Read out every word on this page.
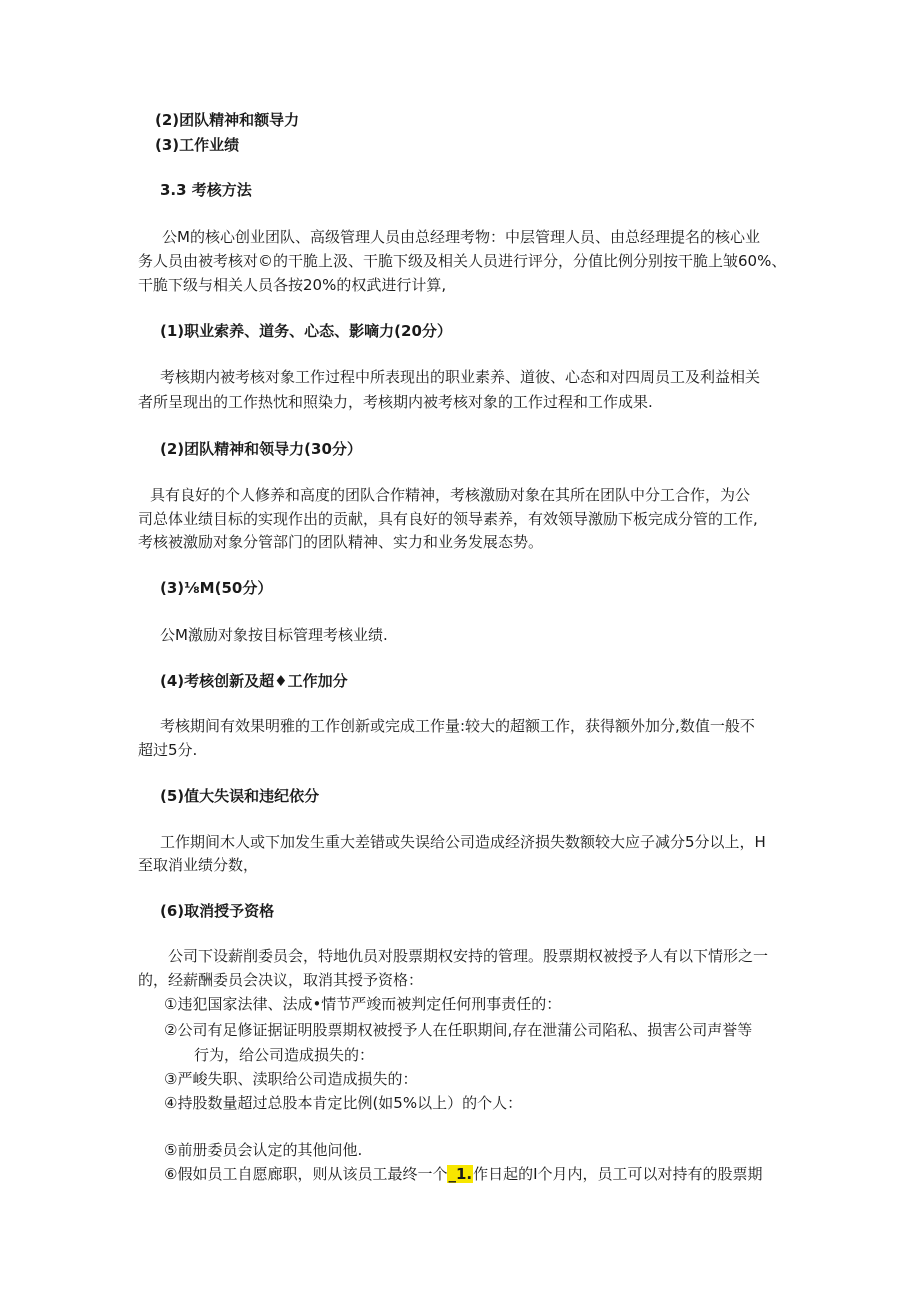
(2)团队精神和额导力
(3)工作业绩
3.3 考核方法
公M的核心创业团队、高级管理人员由总经理考物：中层管理人员、由总经理提名的核心业
务人员由被考核对©的干脆上汲、干脆下级及相关人员进行评分，分值比例分别按干脆上皱60%、
干脆下级与相关人员各按20%的权武进行计算,
(1)职业索养、道务、心态、影嘀力(20分）
考核期内被考核对象工作过程中所表现出的职业素养、道彼、心态和对四周员工及利益相关
者所呈现出的工作热忱和照染力，考核期内被考核对象的工作过程和工作成果.
(2)团队精神和领导力(30分）
具有良好的个人修养和高度的团队合作精神，考核激励对象在其所在团队中分工合作，为公
司总体业绩目标的实现作出的贡献，具有良好的领导素养，有效领导激励下板完成分管的工作,
考核被激励对象分管部门的团队精神、实力和业务发展态势。
(3)⅛M(50分）
公M激励对象按目标管理考核业绩.
(4)考核创新及超♦工作加分
考核期间有效果明雅的工作创新或完成工作量:较大的超额工作，获得额外加分,数值一般不
超过5分.
(5)值大失误和违纪依分
工作期间木人或下加发生重大差错或失误给公司造成经济损失数额较大应子减分5分以上，H
至取消业绩分数，
(6)取消授予资格
公司下设薪削委员会，特地仇员对股票期权安持的管理。股票期权被授予人有以下情形之一
的，经薪酬委员会决议，取消其授予资格：
①违犯国家法律、法成•情节严竣而被判定任何刑事责任的：
②公司有足修证据证明股票期权被授予人在任职期间,存在泄蒲公司陷私、损害公司声誉等
行为，给公司造成损失的：
③严峻失职、渎职给公司造成损失的：
④持股数量超过总股本肯定比例(如5%以上）的个人：
⑤前册委员会认定的其他问他.
⑥假如员工自愿廊职，则从该员工最终一个_1.作日起的I个月内，员工可以对持有的股票期
